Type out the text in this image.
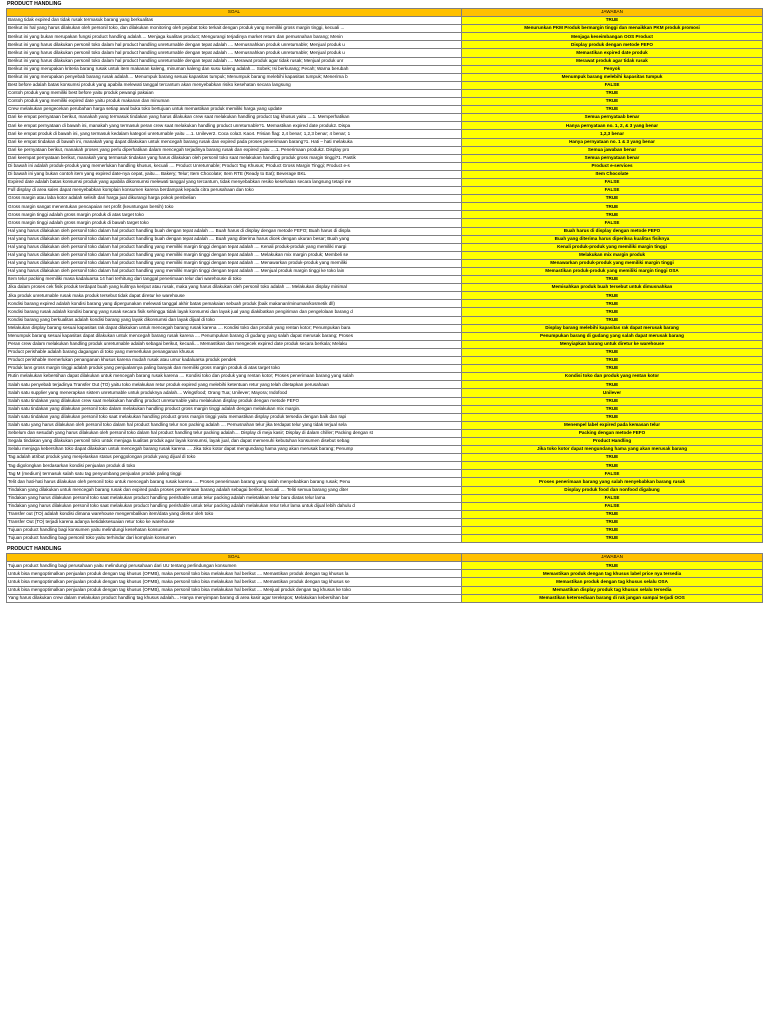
PRODUCT HANDLING
SOAL	JAWABAN
Barang tidak expired dan tidak rusak termasuk barang yang berkualitas	TRUE
Berikut ini hal yang harus dilakukan oleh personil toko, dan dilakukan monitoring oleh pejabat toko terkait dengan produk yang memiliki gross margin tinggi, kecuali ...	Menurunkan PKM Produk bermargin tinggi dan menaikkan PKM produk promosi
Berikut ini yang bukan merupakan fungsi product handling adalah.... Menjaga kualitas product; Mengurangi terjadinya market return dan pemusnahan barang; Menin	Menjaga keseimbangan OOS Product
Berikut ini yang harus dilakukan personil toko dalam hal product handling unreturnable dengan tepat adalah .... Memusnahkan produk unreturnable; Menjual produk u	Display produk dengan metode FEFO
Berikut ini yang harus dilakukan personil toko dalam hal product handling unreturnable dengan tepat adalah .... Memusnahkan produk unreturnable; Menjual produk u	Memastikan expired date produk
Berikut ini yang harus dilakukan personil toko dalam hal product handling unreturnable dengan tepat adalah .... Merawat produk agar tidak rusak; Menjual produk unr	Merawat produk agar tidak rusak
Berikut ini yang merupakan kriteria barang rusak untuk item makanan kaleng, minuman kaleng dan susu kaleng adalah.... Sobek; Isi berkurang; Pecah; Warna berubah	Penyok
Berikut ini yang merupakan penyebab barang rusak adalah.... Menumpuk barang sesuai kapasitas tumpuk; Menumpuk barang melebihi kapasitas tumpuk; Menerima b	Menumpuk barang melebihi kapasitas tumpuk
Best before adalah batas konsumsi produk yang apabila melewati tanggal tercantum akan menyebabkan risiko kesehatan secara langsung	FALSE
Contoh produk yang memiliki best before yaitu produk pewangi pakaian	TRUE
Contoh produk yang memiliki expired date yaitu produk makanan dan minuman	TRUE
Crew melakukan pengecekan perubahan harga setiap awal buka toko bertujuan untuk memastikan produk memiliki harga yang update	TRUE
Dari ke empat pernyataan berikut, manakah yang termasuk tindakan yang harus dilakukan crew saat melakukan handling product tag khusus yaitu ....1. Memperhatikan	Semua pernyataab benar
Dari ke empat pernyataan di bawah ini, manakah yang termasuk peran crew saat melakukan handling product unreturnable?1. Memastikan expired date produk2. Dispa	Hanya pernyataan no. 1, 2, & 3 yang benar
Dari ke empat produk di bawah ini, yang termasuk kedalam kategori unreturnable yaitu ....1. Unilever2. Coca cola3. Kao4. Frisian flag: 2,4 benar; 1,2,3 benar; 4 benar; 1	1,2,3 benar
Dari ke empat tindakan di bawah ini, manakah yang dapat dilakukan untuk mencegah barang rusak dan expired pada proses penerimaan barang?1. Hati – hati melakuka	Hanya pernyataan no. 1 & 3 yang benar
Dari ke pernyataan berikut, manakah proses yang perlu diperhatikan dalam mencegah terjadinya barang rusak dan expired yaitu ....1. Penerimaan produk2. Display pro	Semua jawaban benar
Dari keempat pernyataan berikut, manakah yang termasuk tindakan yang harus dilakukan oleh personil toko saat melakukan handling produk gross margin tinggi?1. Pastik	Semua pernyataan benar
Di bawah ini adalah produk-produk yang memerlukan handling khusus, kecuali .... Product Unreturnable; Product Tag Khusus; Product Gross Margin Tinggi; Product e-s	Product e-services
Di bawah ini yang bukan contoh item yang expired date-nya cepat, yaitu.... Bakery; Telur; Item Chocolate; Item RTE (Ready to Eat); Beverage BKL	Item Chocolate
Expired date adalah batas konsumsi produk yang apabila dikonsumsi melewati tanggal yang tercantum, tidak menyebabkan resiko kesehatan secara langsung tetapi me	FALSE
Full display di area sales dapat menyebabkan komplain konsumen karena berdampak kepada citra perusahaan dan toko	FALSE
Gross margin atau laba kotor adalah selisih dari harga jual dikurangi harga pokok pembelian	TRUE
Gross margin sangat menentukan pencapaian net profit (keuntungan bersih) toko	TRUE
Gross margin tinggi adalah gross margin produk di atas target toko	TRUE
Gross margin tinggi adalah gross margin produk di bawah target toko	FALSE
Hal yang harus dilakukan oleh personil toko dalam hal product handling buah dengan tepat adalah .... Buah harus di display dengan metode FEFO; Buah harus di displa	Buah harus di display dengan metode FEFO
Hal yang harus dilakukan oleh personil toko dalam hal product handling buah dengan tepat adalah .... Buah yang diterima harus dicek dengan ukuran besar; Buah yang	Buah yang diterima harus diperiksa kualitas fisiknya
Hal yang harus dilakukan oleh personil toko dalam hal product handling yang memiliki margin tinggi dengan tepat adalah .... Kenali produk-produk yang memiliki margi	Kenali produk-produk yang memiliki margin tinggi
Hal yang harus dilakukan oleh personil toko dalam hal product handling yang memiliki margin tinggi dengan tepat adalah .... Melakukan mix margin produk; Membeli se	Melakukan mix margin produk
Hal yang harus dilakukan oleh personil toko dalam hal product handling yang memiliki margin tinggi dengan tepat adalah .... Menawarkan produk-produk yang memiliki	Menawarkan produk-produk yang memiliki margin tinggi
Hal yang harus dilakukan oleh personil toko dalam hal product handling yang memiliki margin tinggi dengan tepat adalah .... Menjual produk margin tinggi ke toko lain	Memastikan produk-produk yang memiliki margin tinggi OSA
Item telur packing memiliki masa kadaluarsa 14 hari terhitung dari tanggal penerimaan telur dari warehouse di toko	TRUE
Jika dalam proses cek fisik produk terdapat buah yang kulitnya keriput atau rusak, maka yang harus dilakukan oleh personil toko adalah .... Melakukan display minimal	Memisahkan produk buah tersebut untuk dimusnahkan
Jika produk unreturnable rusak maka produk tersebut tidak dapat diretur ke warehouse	TRUE
Kondisi barang expired adalah kondisi barang yang dipergunakan melewati tanggal akhir batas pemakaian sebuah produk (baik makanan/minuman/kosmetik dll)	TRUE
Kondisi barang rusak adalah kondisi barang yang rusak secara fisik sehingga tidak layak konsumsi dan layak jual yang diakibatkan pengiriman dan pengelolaan barang d	TRUE
Kondisi barang yang berkualitas adalah kondisi barang yang layak dikonsumsi dan layak dijual di toko	TRUE
Melakukan display barang sesuai kapasitas rak dapat dilakukan untuk mencegah barang rusak karena .... Kondisi toko dan produk yang rentan kotor; Penumpukan bara	Display barang melebihi kapasitas rak dapat merusak barang
Menumpuk barang sesuai kapasitas dapat dilakukan untuk mencegah barang rusak karena .... Penumpukan barang di gudang yang salah dapat merusak barang; Proses	Penumpukan barang di gudang yang salah dapat merusak barang
Peran crew dalam melakukan handling produk unreturnable adalah sebagai berikut, kecuali.... Memastikan dan mengecek expired date produk secara berkala; Melaku	Menyiapkan barang untuk diretur ke warehouse
Product perishable adalah barang dagangan di toko yang memerlukan penanganan khusus	TRUE
Product perishable memerlukan penanganan khusus karena mudah rusak atau umur kadaluarsa produk pendek	TRUE
Produk lans gross margin tinggi adalah produk yang penjualannya paling banyak dan memiliki gross margin produk di atas target toko	TRUE
Rutin melakukan kebersihan dapat dilakukan untuk mencegah barang rusak karena .... Kondisi toko dan produk yang rentan kotor; Proses penerimaan barang yang salah	Kondisi toko dan produk yang rentan kotor
Salah satu penyebab terjadinya Transfer Out (TO) yaitu toko melakukan retur produk expired yang melebihi ketentuan retur yang telah ditetapkan perusahaan	TRUE
Salah satu supplier yang menerapkan sistem unreturnable untuk produknya adalah.... Wingsfood; Orang Tua; Unilever; Mayora; Indofood	Unilever
Salah satu tindakan yang dilakukan crew saat melakukan handling product unreturnable yaitu melakukan display produk dengan metode FEFO	TRUE
Salah satu tindakan yang dilakukan personil toko dalam melakukan handling product gross margin tinggi adalah dengan melakukan mix margin.	TRUE
Salah satu tindakan yang dilakukan personil toko saat melakukan handling product gross margin tinggi yaitu memastikan display produk tersedia dengan baik dan rapi	TRUE
Salah satu yang harus dilakukan oleh personil toko dalam hal product handling telur non packing adalah .... Pemusnahan telur jika terdapat telur yang tidak terjual sela	Menempel label expired pada kemasan telur
Sebelum dan sesudah yang harus dilakukan oleh personil toko dalam hal product handling telur packing adalah.... Display di meja kasir; Display di dalam chiller; Packing dengan st	Packing dengan metode FEFO
Segala tindakan yang dilakukan personil toko untuk menjaga kualitas produk agar layak konsumsi, layak jual, dan dapat memenuhi kebutuhan konsumen disebut sebag	Product Handling
Selalu menjaga kebersihan toko dapat dilakukan untuk mencegah barang rusak karena .... Jika toko kotor dapat mengundang hama yang akan merusak barang; Penump	Jika toko kotor dapat mengundang hama yang akan merusak barang
Tag adalah atribut produk yang menjelaskan status penggolongan produk yang dijual di toko	TRUE
Tag digolongkan berdasarkan kondisi penjualan produk di toko	TRUE
Tag M (medium) termasuk salah satu tag penyumbang penjualan produk paling tinggi	FALSE
Telit dan hati-hati harus dilakukan oleh personil toko untuk mencegah barang rusak karena .... Proses penerimaan barang yang salah menyebabkan barang rusak; Penu	Proses penerimaan barang yang salah menyebabkan barang rusak
Tindakan yang dilakukan untuk mencegah barang rusak dan expired pada proses penerimaan barang adalah sebagai berikut, kecuali .... Teliti semua barang yang diter	Display produk food dan nonfood digabung
Tindakan yang harus dilakukan personil toko saat melakukan product handling perishable untuk telur packing adalah meletakkan telur baru diatas telur lama	FALSE
Tindakan yang harus dilakukan personil toko saat melakukan product handling perishable untuk telur packing adalah melakukan retur telur lama untuk dijual lebih dahulu d	FALSE
Transfer out (TO) adalah kondisi dimana warehouse mengembalikan item/data yang diretur oleh toko	TRUE
Transfer Out (TO) terjadi karena adanya ketidaksesuaian retur toko ke warehouse	TRUE
Tujuan product handling bagi konsumen yaitu melindungi kesehatan konsumen	TRUE
Tujuan product handling bagi personil toko yaitu terhindar dari komplain konsumen	TRUE
PRODUCT HANDLING
SOAL	JAWABAN
Tujuan product handling bagi perusahaan yaitu melindungi perusahaan dari UU tentang perlindungan konsumen	TRUE
Untuk bisa mengoptimalkan penjualan produk dengan tag khusus (OFMB), maka personil toko bisa melakukan hal berikut .... Memastikan produk dengan tag khusus la	Memastikan produk dengan tag khusus label price nya tersedia
Untuk bisa mengoptimalkan penjualan produk dengan tag khusus (OFMB), maka personil toko bisa melakukan hal berikut .... Memastikan produk dengan tag khusus se	Memastikan produk dengan tag khusus selalu OSA
Untuk bisa mengoptimalkan penjualan produk dengan tag khusus (OFMB), maka personil toko bisa melakukan hal berikut .... Menjual produk dengan tag khusus ke toko	Memastikan display produk tag khusus selalu tersedia
Yang harus dilakukan crew dalam melakukan product handling tag khusus adalah.... Hanya menyimpan barang di area kasir agar terekspos; Melakukan kebersihan bar	Memastikan ketersediaan barang di rak jangan sampai terjadi OOS
